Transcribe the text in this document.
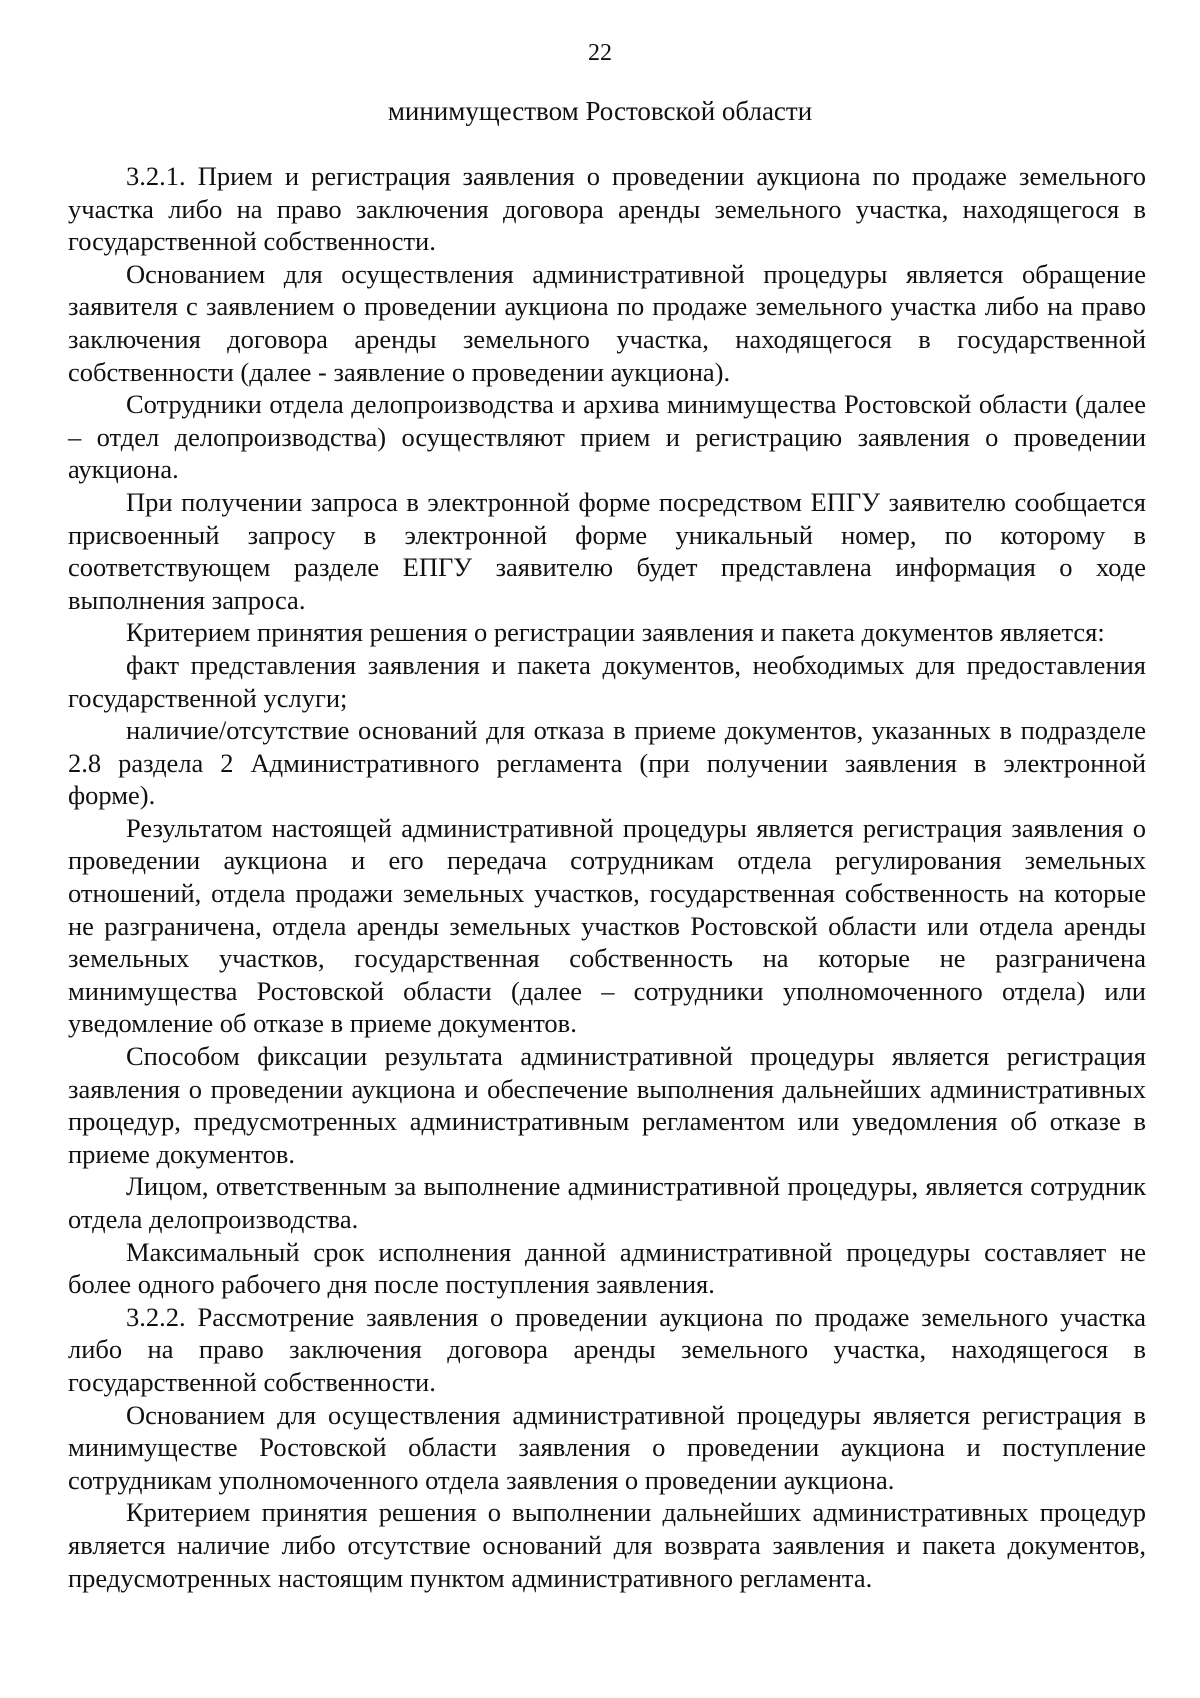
22
минимуществом Ростовской области

3.2.1. Прием и регистрация заявления о проведении аукциона по продаже земельного участка либо на право заключения договора аренды земельного участка, находящегося в государственной собственности.

Основанием для осуществления административной процедуры является обращение заявителя с заявлением о проведении аукциона по продаже земельного участка либо на право заключения договора аренды земельного участка, находящегося в государственной собственности (далее - заявление о проведении аукциона).

Сотрудники отдела делопроизводства и архива минимущества Ростовской области (далее – отдел делопроизводства) осуществляют прием и регистрацию заявления о проведении аукциона.

При получении запроса в электронной форме посредством ЕПГУ заявителю сообщается присвоенный запросу в электронной форме уникальный номер, по которому в соответствующем разделе ЕПГУ заявителю будет представлена информация о ходе выполнения запроса.

Критерием принятия решения о регистрации заявления и пакета документов является:

факт представления заявления и пакета документов, необходимых для предоставления государственной услуги;

наличие/отсутствие оснований для отказа в приеме документов, указанных в подразделе 2.8 раздела 2 Административного регламента (при получении заявления в электронной форме).

Результатом настоящей административной процедуры является регистрация заявления о проведении аукциона и его передача сотрудникам отдела регулирования земельных отношений, отдела продажи земельных участков, государственная собственность на которые не разграничена, отдела аренды земельных участков Ростовской области или отдела аренды земельных участков, государственная собственность на которые не разграничена минимущества Ростовской области (далее – сотрудники уполномоченного отдела) или уведомление об отказе в приеме документов.

Способом фиксации результата административной процедуры является регистрация заявления о проведении аукциона и обеспечение выполнения дальнейших административных процедур, предусмотренных административным регламентом или уведомления об отказе в приеме документов.

Лицом, ответственным за выполнение административной процедуры, является сотрудник отдела делопроизводства.

Максимальный срок исполнения данной административной процедуры составляет не более одного рабочего дня после поступления заявления.

3.2.2. Рассмотрение заявления о проведении аукциона по продаже земельного участка либо на право заключения договора аренды земельного участка, находящегося в государственной собственности.

Основанием для осуществления административной процедуры является регистрация в минимуществе Ростовской области заявления о проведении аукциона и поступление сотрудникам уполномоченного отдела заявления о проведении аукциона.

Критерием принятия решения о выполнении дальнейших административных процедур является наличие либо отсутствие оснований для возврата заявления и пакета документов, предусмотренных настоящим пунктом административного регламента.
